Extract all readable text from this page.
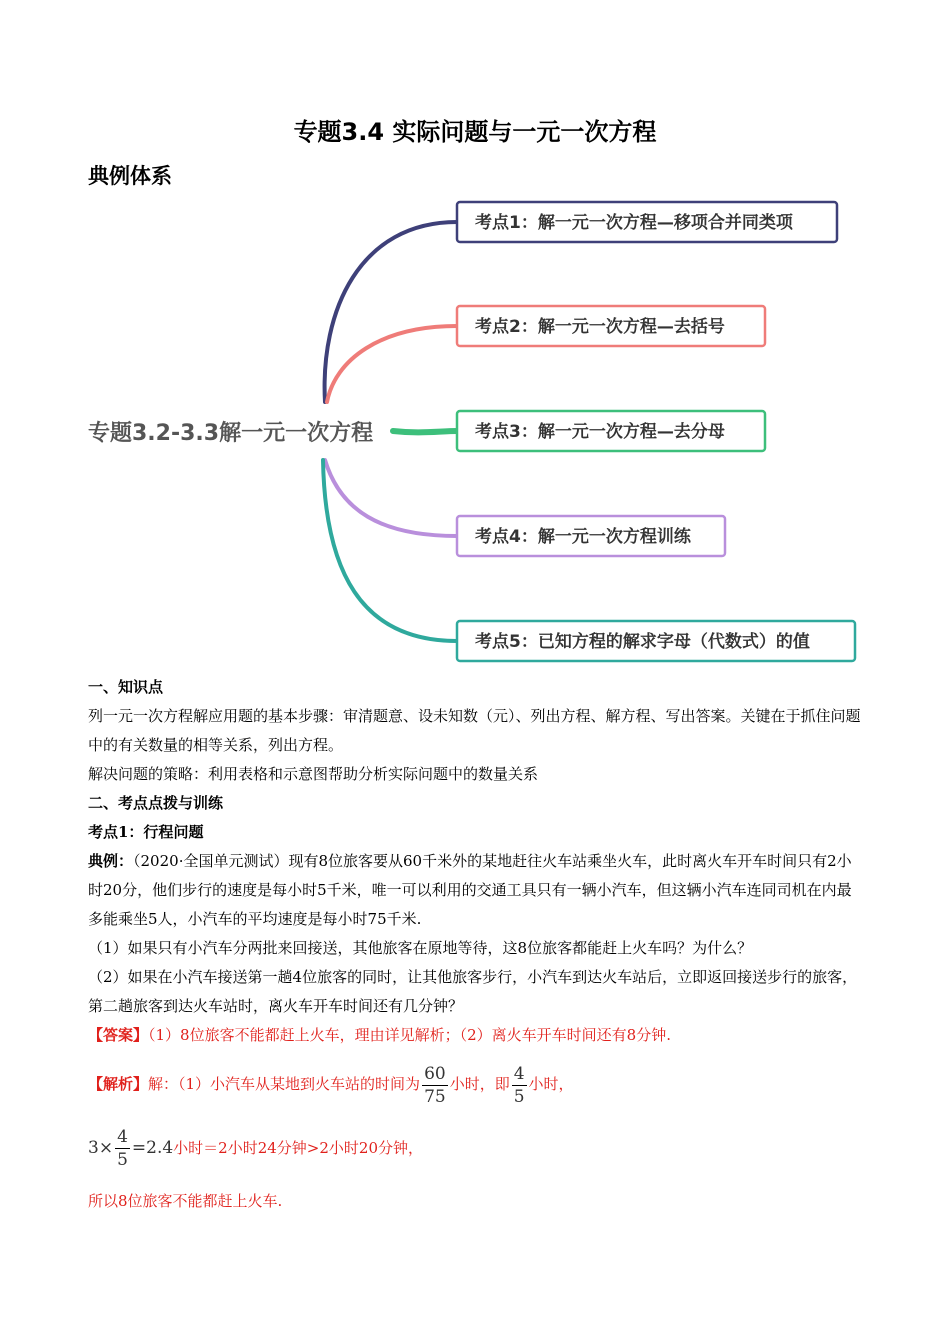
专题3.4 实际问题与一元一次方程
典例体系
考点1：解一元一次方程—移项合并同类项
考点2：解一元一次方程—去括号
考点3：解一元一次方程—去分母
考点4：解一元一次方程训练
考点5：已知方程的解求字母（代数式）的值
专题3.2-3.3解一元一次方程

一、知识点

列一元一次方程解应用题的基本步骤：审清题意、设未知数（元）、列出方程、解方程、写出答案。关键在于抓住问题中的有关数量的相等关系，列出方程。

解决问题的策略：利用表格和示意图帮助分析实际问题中的数量关系

二、考点点拨与训练

考点1：行程问题

典例：（2020·全国单元测试）现有8位旅客要从60千米外的某地赶往火车站乘坐火车，此时离火车开车时间只有2小时20分，他们步行的速度是每小时5千米，唯一可以利用的交通工具只有一辆小汽车，但这辆小汽车连同司机在内最多能乘坐5人，小汽车的平均速度是每小时75千米.

（1）如果只有小汽车分两批来回接送，其他旅客在原地等待，这8位旅客都能赶上火车吗？为什么？

（2）如果在小汽车接送第一趟4位旅客的同时，让其他旅客步行，小汽车到达火车站后，立即返回接送步行的旅客，第二趟旅客到达火车站时，离火车开车时间还有几分钟？

【答案】（1）8位旅客不能都赶上火车，理由详见解析；（2）离火车开车时间还有8分钟.

【解析】解：（1）小汽车从某地到火车站的时间为 $\frac{60}{75}$ 小时，即 $\frac{4}{5}$ 小时，

$3\times \frac{4}{5} =2.4$小时＝2小时24分钟>2小时20分钟，

所以8位旅客不能都赶上火车.
